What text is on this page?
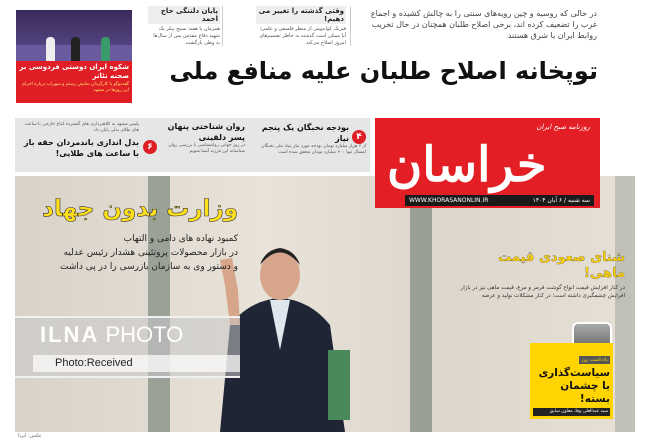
شکوه ایران دوستی فردوسی بر صحنه تئاتر

گفت‌وگو با کارگردان نمایش رستم و سهراب درباره اجرای این روزها در مشهد

پایان دلتنگی حاج احمد

همزمان با هفته بسیج پیکر یک شهید دفاع مقدس پس از سال‌ها به وطن بازگشت

وقتی گذشته را تغییر می دهیم!

فیزیک کوانتومی از منظر فلسفی و علمی؛ آیا ممکن است گذشته به خاطر تصمیم‌های امروز اصلاح می‌کند

در حالی که روسیه و چین رویه‌های سنتی را به چالش کشیده و اجماع غرب را تضعیف کرده اند، برخی اصلاح طلبان همچنان در حال تخریب روابط ایران با شرق هستند
توپخانه اصلاح طلبان علیه منافع ملی
۴
بودجه نخبگان یک پنجم نیاز
از ۶ هزار میلیارد تومان بودجه مورد نیاز بنیاد ملی نخبگان امسال تنها ۶۰۰ میلیارد تومان محقق شده است
روان شناختی پنهان پسر دلقینی
در روز جهانی روانشناسی با بررسی روان شناسانه این فرزند آشنا شویم
۶
پلیس مشهد به کلاهبرداری های گسترده اتباع خارجی با ساعت های طلای بدلی پایان داد
بدل اندازی باندمردان حقه باز با ساعت های طلایی!
روزنامه صبح ایران
خراسان
WWW.KHORASANONLIN.IR	سه شنبه / ۶ آبان ۱۴۰۴
وزارت بدون جهاد

کمبود نهاده های دامی و التهاب

در بازار محصولات پروتئینی هشدار رئیس عدلیه

و دستور وی به سازمان بازرسی را در پی داشت

ILNA PHOTO
Photo:Received
شنای صعودی قیمت ماهی!

در کنار افزایش قیمت انواع گوشت قرمز و مرغ، قیمت ماهی نیز در بازار افزایش چشمگیری داشته است؛ در کنار مشکلات تولید و عرضه

یادداشت روز
سیاست‌گذاری با چشمان بسته!
سید عبدالعلی وفا، معاون سابق
عکس: ایرنا
